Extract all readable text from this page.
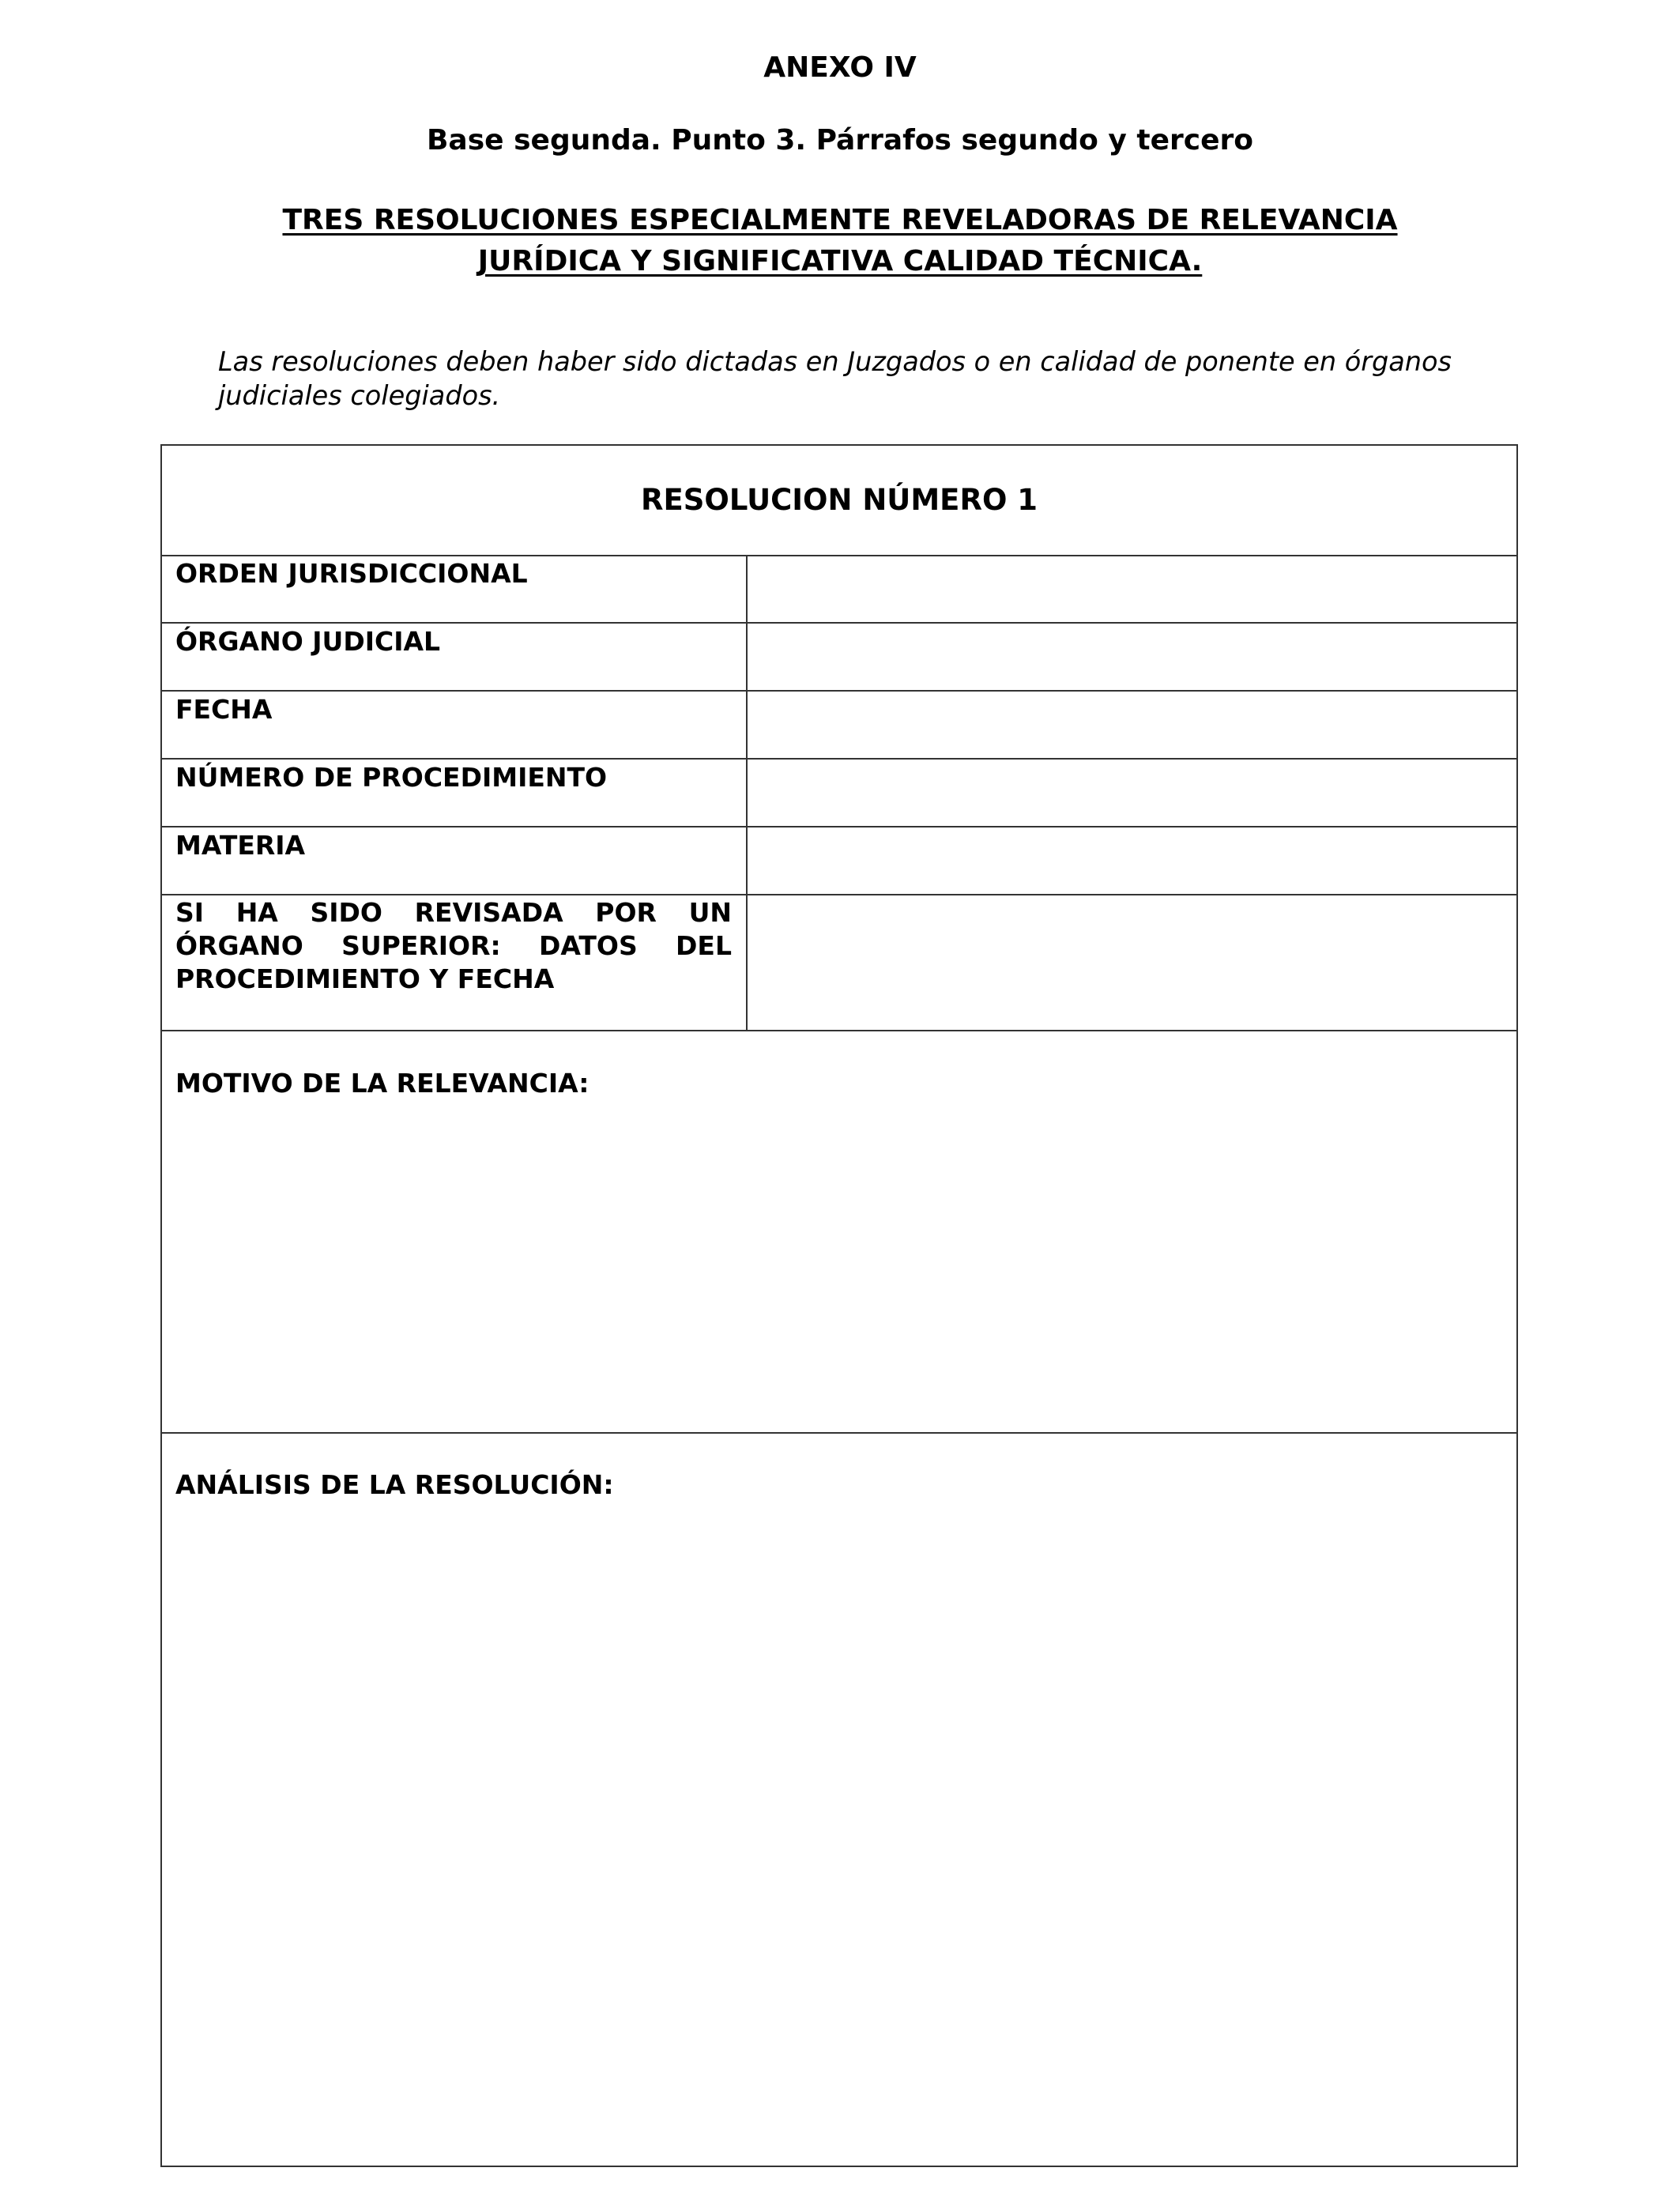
ANEXO IV
Base segunda. Punto 3. Párrafos segundo y tercero
TRES RESOLUCIONES ESPECIALMENTE REVELADORAS DE RELEVANCIA
JURÍDICA Y SIGNIFICATIVA CALIDAD TÉCNICA.
Las resoluciones deben haber sido dictadas en Juzgados o en calidad de ponente en órganos
judiciales colegiados.
RESOLUCION NÚMERO 1
ORDEN JURISDICCIONAL
ÓRGANO JUDICIAL
FECHA
NÚMERO DE PROCEDIMIENTO
MATERIA
SI HA SIDO REVISADA POR UN
ÓRGANO SUPERIOR: DATOS DEL
PROCEDIMIENTO Y FECHA
MOTIVO DE LA RELEVANCIA:
ANÁLISIS DE LA RESOLUCIÓN:
